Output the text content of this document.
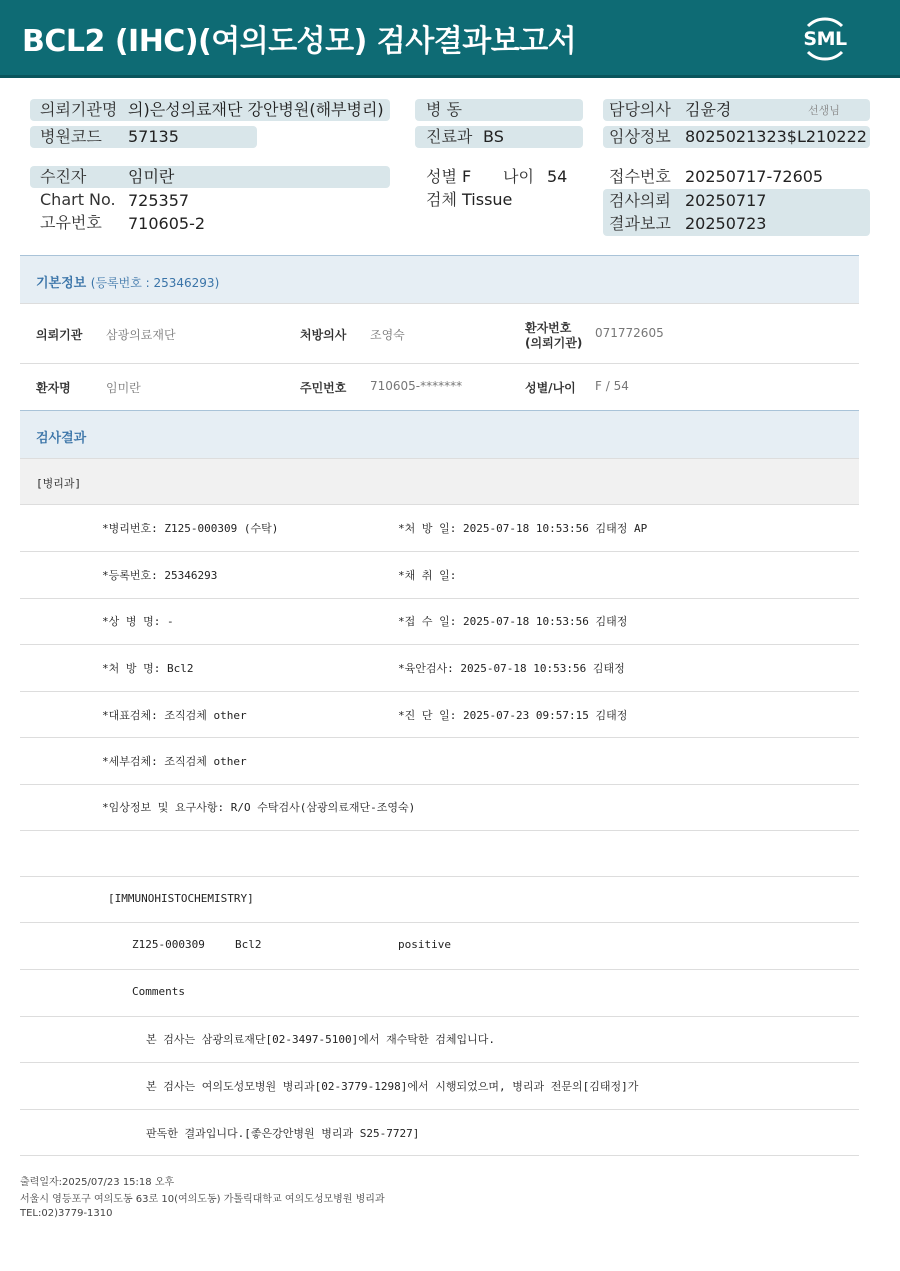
BCL2 (IHC)(여의도성모) 검사결과보고서	SML
의뢰기관명 의)은성의료재단 강안병원(해부병리)
병원코드 57135
수진자	임미란
Chart No. 725357
고유번호 710605-2
병 동
진료과 BS
성별 F 나이 54
검체 Tissue
담당의사 김윤경	선생님
임상정보 8025021323$L210222
접수번호 20250717-72605
검사의뢰 20250717
결과보고 20250723
기본정보 (등록번호 : 25346293)
의뢰기관 삼광의료재단	처방의사 조영숙	환자번호
(의뢰기관)
071772605
환자명	임미란	주민번호 710605-*******	성별/나이 F / 54
검사결과
[병리과]
*병리번호: Z125-000309 (수탁)	*처 방 일: 2025-07-18 10:53:56 김태정 AP
*등록번호: 25346293	*채 취 일:
*상 병 명: -	*접 수 일: 2025-07-18 10:53:56 김태정
*처 방 명: Bcl2	*육안검사: 2025-07-18 10:53:56 김태정
*대표검체: 조직검체 other	*진 단 일: 2025-07-23 09:57:15 김태정
*세부검체: 조직검체 other
*임상정보 및 요구사항: R/O 수탁검사(삼광의료재단-조영숙)
[IMMUNOHISTOCHEMISTRY]
Z125-000309	Bcl2	positive
Comments
본 검사는 삼광의료재단[02-3497-5100]에서 재수탁한 검체입니다.
본 검사는 여의도성모병원 병리과[02-3779-1298]에서 시행되었으며, 병리과 전문의[김태정]가
판독한 결과입니다.[좋은강안병원 병리과 S25-7727]
출력일자:2025/07/23 15:18 오후
서울시 영등포구 여의도동 63로 10(여의도동) 가톨릭대학교 여의도성모병원 병리과
TEL:02)3779-1310
